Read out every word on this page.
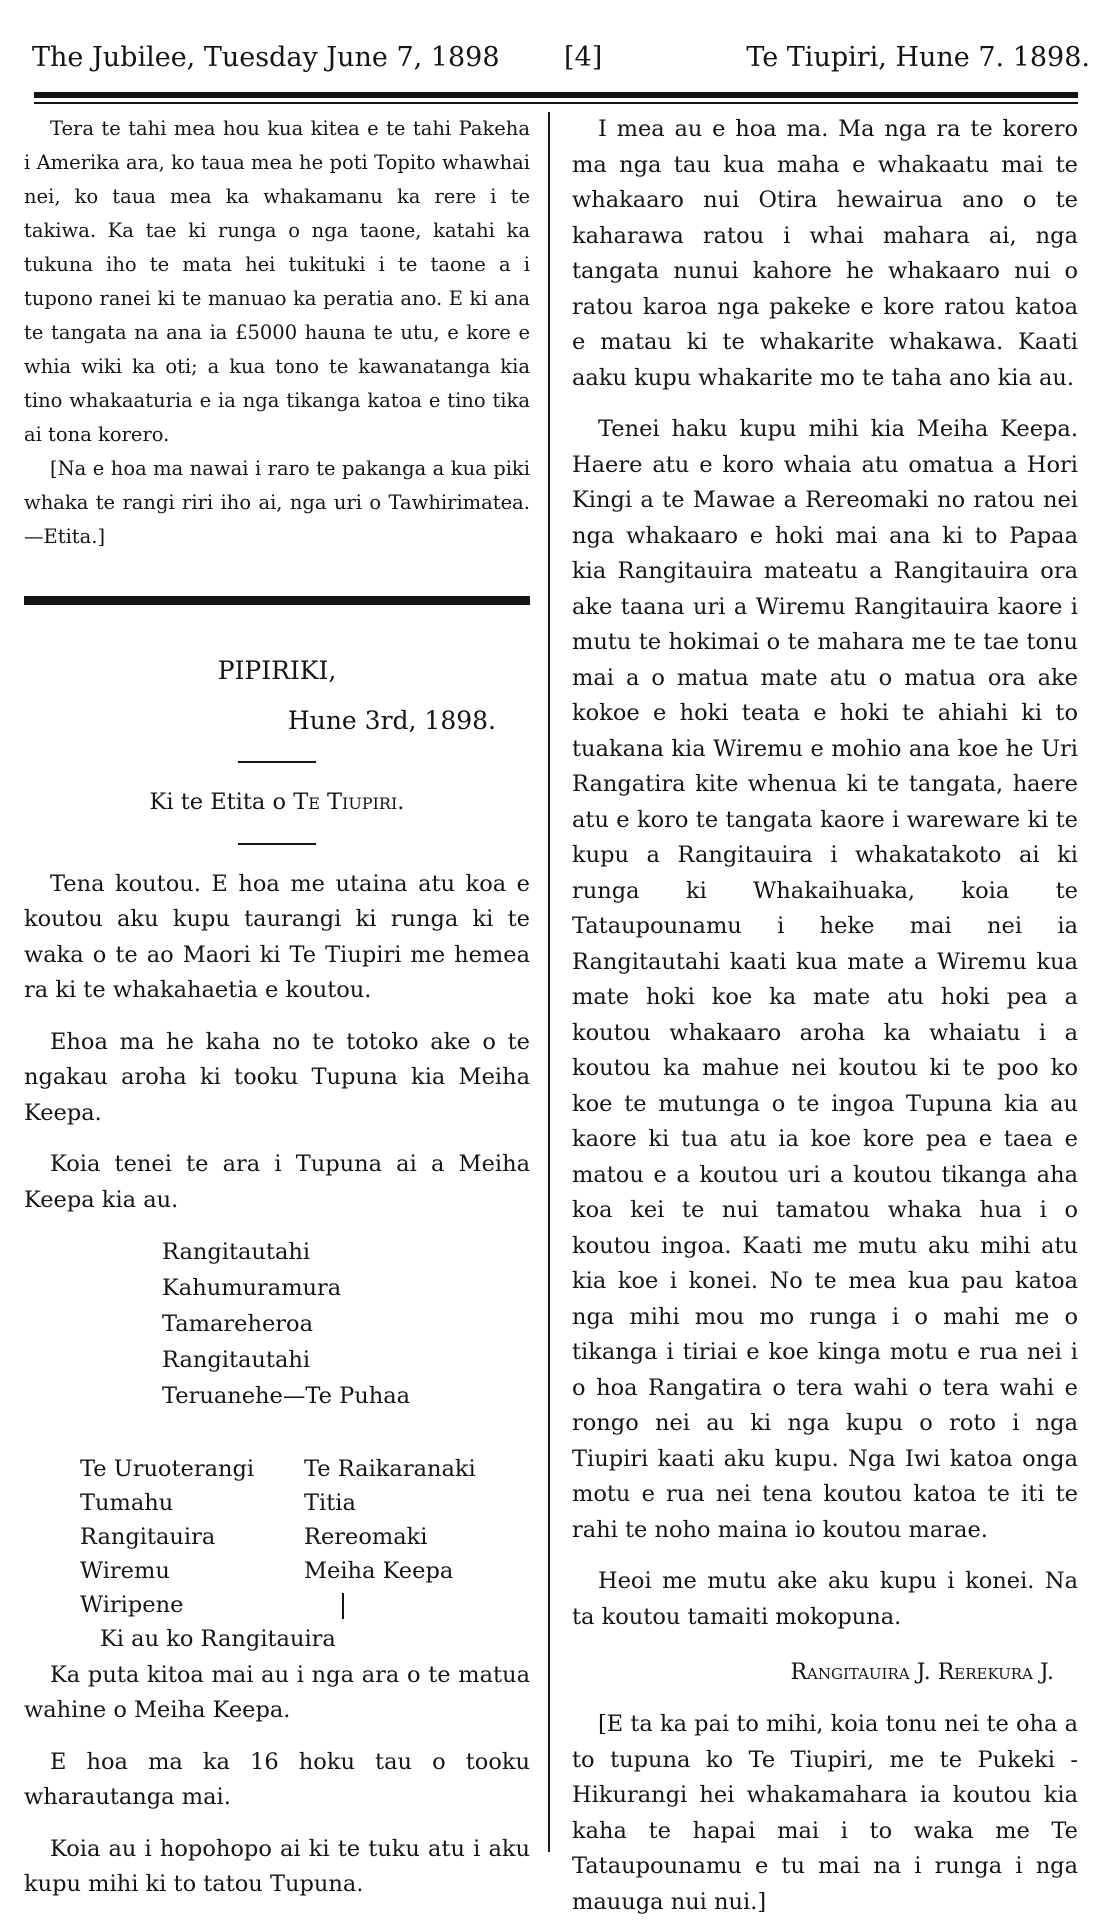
The Jubilee, Tuesday June 7, 1898 [4]	Te Tiupiri, Hune 7. 1898.

Tera te tahi mea hou kua kitea e te tahi Pakeha i Amerika ara, ko taua mea he poti Topito whawhai nei, ko taua mea ka whakamanu ka rere i te takiwa. Ka tae ki runga o nga taone, katahi ka tukuna iho te mata hei tukituki i te taone a i tupono ranei ki te manuao ka peratia ano. E ki ana te tangata na ana ia £5000 hauna te utu, e kore e whia wiki ka oti; a kua tono te kawanatanga kia tino whakaaturia e ia nga tikanga katoa e tino tika ai tona korero.

[Na e hoa ma nawai i raro te pakanga a kua piki whaka te rangi riri iho ai, nga uri o Tawhirimatea. —Etita.]

PIPIRIKI,

Hune 3rd, 1898.

Ki te Etita o Te Tiupiri.

Tena koutou. E hoa me utaina atu koa e koutou aku kupu taurangi ki runga ki te waka o te ao Maori ki Te Tiupiri me hemea ra ki te whakahaetia e koutou.

Ehoa ma he kaha no te totoko ake o te ngakau aroha ki tooku Tupuna kia Meiha Keepa.

Koia tenei te ara i Tupuna ai a Meiha Keepa kia au.

Rangitautahi

Kahumuramura

Tamareheroa

Rangitautahi

Teruanehe—Te Puhaa

Te Uruoterangi	Te Raikaranaki
Tumahu	Titia
Rangitauira	Rereomaki
Wiremu	Meiha Keepa
Wiripene

Ki au ko Rangitauira

Ka puta kitoa mai au i nga ara o te matua wahine o Meiha Keepa.

E hoa ma ka 16 hoku tau o tooku wharautanga mai.

Koia au i hopohopo ai ki te tuku atu i aku kupu mihi ki to tatou Tupuna.

I mea au e hoa ma. Ma nga ra te korero ma nga tau kua maha e whakaatu mai te whakaaro nui Otira hewairua ano o te kaharawa ratou i whai mahara ai, nga tangata nunui kahore he whakaaro nui o ratou karoa nga pakeke e kore ratou katoa e matau ki te whakarite whakawa. Kaati aaku kupu whakarite mo te taha ano kia au.

Tenei haku kupu mihi kia Meiha Keepa. Haere atu e koro whaia atu omatua a Hori Kingi a te Mawae a Rereomaki no ratou nei nga whakaaro e hoki mai ana ki to Papaa kia Rangitauira mateatu a Rangitauira ora ake taana uri a Wiremu Rangitauira kaore i mutu te hokimai o te mahara me te tae tonu mai a o matua mate atu o matua ora ake kokoe e hoki teata e hoki te ahiahi ki to tuakana kia Wiremu e mohio ana koe he Uri Rangatira kite whenua ki te tangata, haere atu e koro te tangata kaore i wareware ki te kupu a Rangitauira i whakatakoto ai ki runga ki Whakaihuaka, koia te Tataupounamu i heke mai nei ia Rangitautahi kaati kua mate a Wiremu kua mate hoki koe ka mate atu hoki pea a koutou whakaaro aroha ka whaiatu i a koutou ka mahue nei koutou ki te poo ko koe te mutunga o te ingoa Tupuna kia au kaore ki tua atu ia koe kore pea e taea e matou e a koutou uri a koutou tikanga aha koa kei te nui tamatou whaka hua i o koutou ingoa. Kaati me mutu aku mihi atu kia koe i konei. No te mea kua pau katoa nga mihi mou mo runga i o mahi me o tikanga i tiriai e koe kinga motu e rua nei i o hoa Rangatira o tera wahi o tera wahi e rongo nei au ki nga kupu o roto i nga Tiupiri kaati aku kupu. Nga Iwi katoa onga motu e rua nei tena koutou katoa te iti te rahi te noho maina io koutou marae.

Heoi me mutu ake aku kupu i konei. Na ta koutou tamaiti mokopuna.

Rangitauira J. Rerekura J.

[E ta ka pai to mihi, koia tonu nei te oha a to tupuna ko Te Tiupiri, me te Pukeki - Hikurangi hei whakamahara ia koutou kia kaha te hapai mai i to waka me Te Tataupounamu e tu mai na i runga i nga mauuga nui nui.]
